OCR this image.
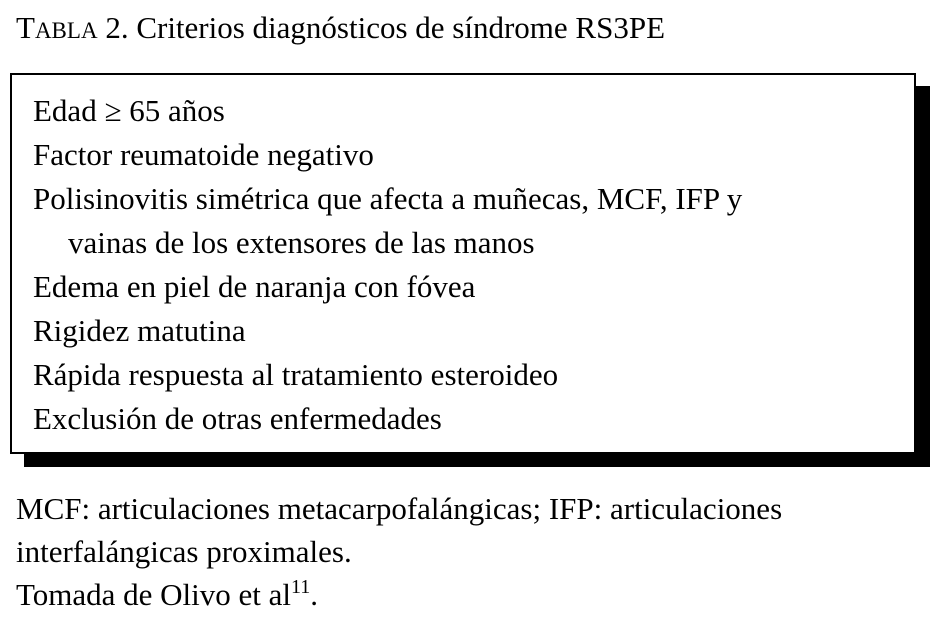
TABLA 2. Criterios diagnósticos de síndrome RS3PE
Edad ≥ 65 años
Factor reumatoide negativo
Polisinovitis simétrica que afecta a muñecas, MCF, IFP y
vainas de los extensores de las manos
Edema en piel de naranja con fóvea
Rigidez matutina
Rápida respuesta al tratamiento esteroideo
Exclusión de otras enfermedades
MCF: articulaciones metacarpofalángicas; IFP: articulaciones
interfalángicas proximales.
Tomada de Olivo et $al^{11}$.
